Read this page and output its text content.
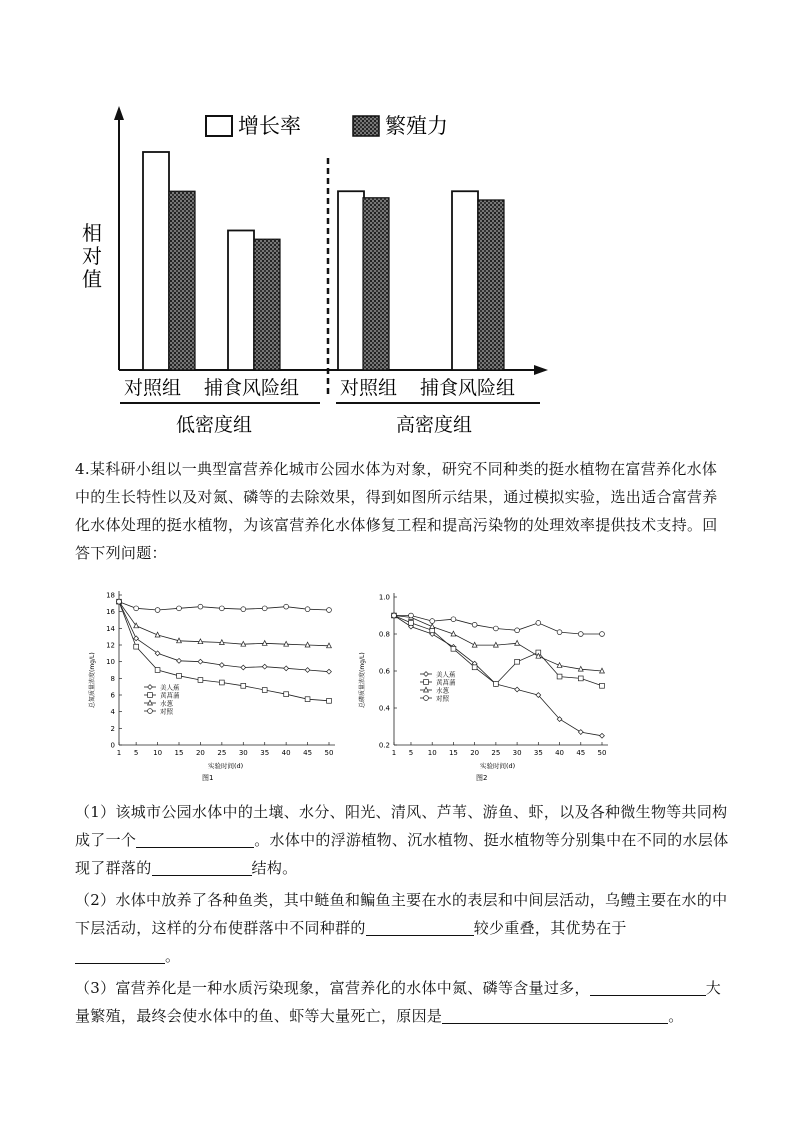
增长率	繁殖力
相
对
值
对照组 捕食风险组 对照组 捕食风险组
低密度组	高密度组
4.某科研小组以一典型富营养化城市公园水体为对象，研究不同种类的挺水植物在富营养化水体中的生长特性以及对氮、磷等的去除效果，得到如图所示结果，通过模拟实验，选出适合富营养化水体处理的挺水植物，为该富营养化水体修复工程和提高污染物的处理效率提供技术支持。回答下列问题：
0
2
4
6
8
10
12
14
16
18
1 5 10 15 20 25 30 35 40 45 50
美人蕉
黄菖蒲
水葱
对照
实验时间(d)
图1
总氮质量浓度(mg/L)
0.2
0.4
0.6
0.8
1.0
1 5 10 15 20 25 30 35 40 45 50
美人蕉
黄菖蒲
水葱
对照
实验时间(d)
图2
总磷质量浓度(mg/L)
（1）该城市公园水体中的土壤、水分、阳光、清风、芦苇、游鱼、虾，以及各种微生物等共同构成了一个	。水体中的浮游植物、沉水植物、挺水植物等分别集中在不同的水层体现了群落的	结构。
（2）水体中放养了各种鱼类，其中鲢鱼和鳊鱼主要在水的表层和中间层活动，乌鳢主要在水的中下层活动，这样的分布使群落中不同种群的	较少重叠，其优势在于
。
（3）富营养化是一种水质污染现象，富营养化的水体中氮、磷等含量过多，	大量繁殖，最终会使水体中的鱼、虾等大量死亡，原因是	。
